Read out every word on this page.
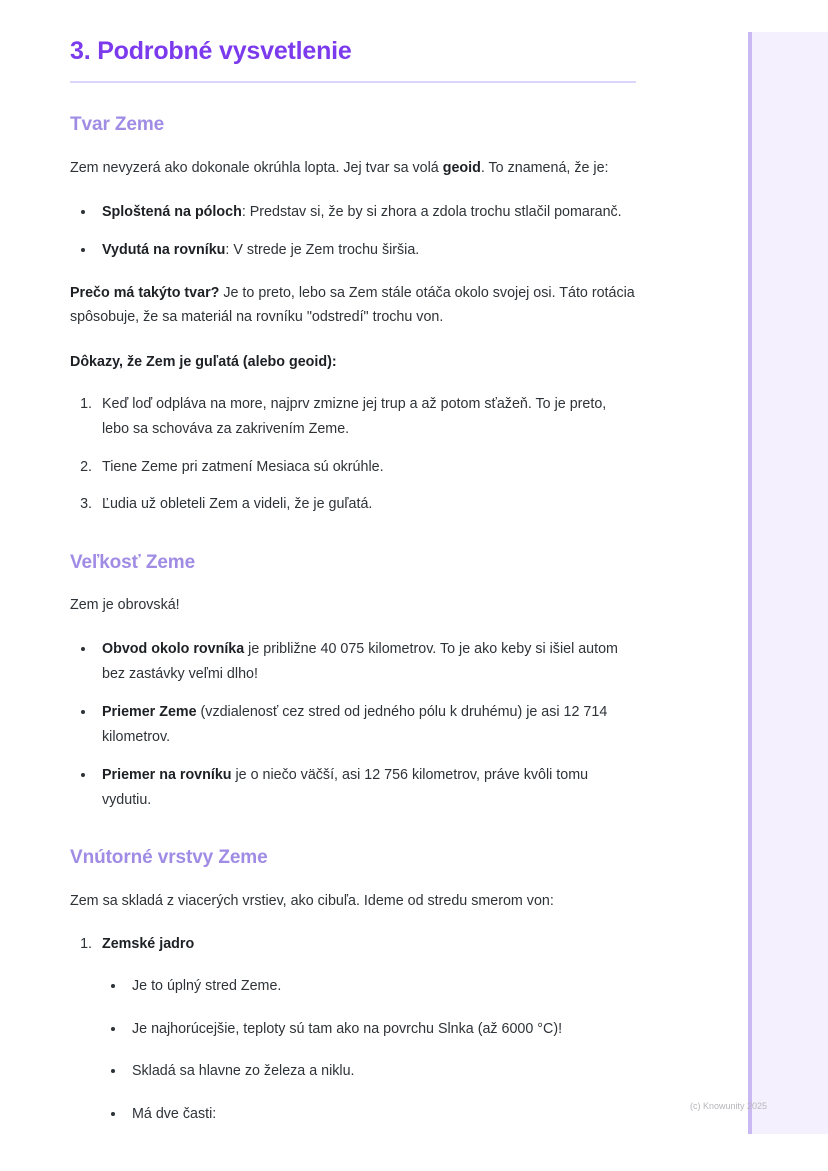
3. Podrobné vysvetlenie
Tvar Zeme

Zem nevyzerá ako dokonale okrúhla lopta. Jej tvar sa volá geoid. To znamená, že je:

• Sploštená na póloch: Predstav si, že by si zhora a zdola trochu stlačil pomaranč.
• Vydutá na rovníku: V strede je Zem trochu širšia.

Prečo má takýto tvar? Je to preto, lebo sa Zem stále otáča okolo svojej osi. Táto rotácia spôsobuje, že sa materiál na rovníku "odstredí" trochu von.

Dôkazy, že Zem je guľatá (alebo geoid):

1. Keď loď odpláva na more, najprv zmizne jej trup a až potom sťažeň. To je preto, lebo sa schováva za zakrivením Zeme.
2. Tiene Zeme pri zatmení Mesiaca sú okrúhle.
3. Ľudia už obleteli Zem a videli, že je guľatá.
Veľkosť Zeme

Zem je obrovská!

• Obvod okolo rovníka je približne 40 075 kilometrov. To je ako keby si išiel autom bez zastávky veľmi dlho!
• Priemer Zeme (vzdialenosť cez stred od jedného pólu k druhému) je asi 12 714 kilometrov.
• Priemer na rovníku je o niečo väčší, asi 12 756 kilometrov, práve kvôli tomu vydutiu.
Vnútorné vrstvy Zeme

Zem sa skladá z viacerých vrstiev, ako cibuľa. Ideme od stredu smerom von:

1. Zemské jadro
• Je to úplný stred Zeme.
• Je najhorúcejšie, teploty sú tam ako na povrchu Slnka (až 6000 °C)!
• Skladá sa hlavne zo železa a niklu.
• Má dve časti:
(c) Knowunity 2025
